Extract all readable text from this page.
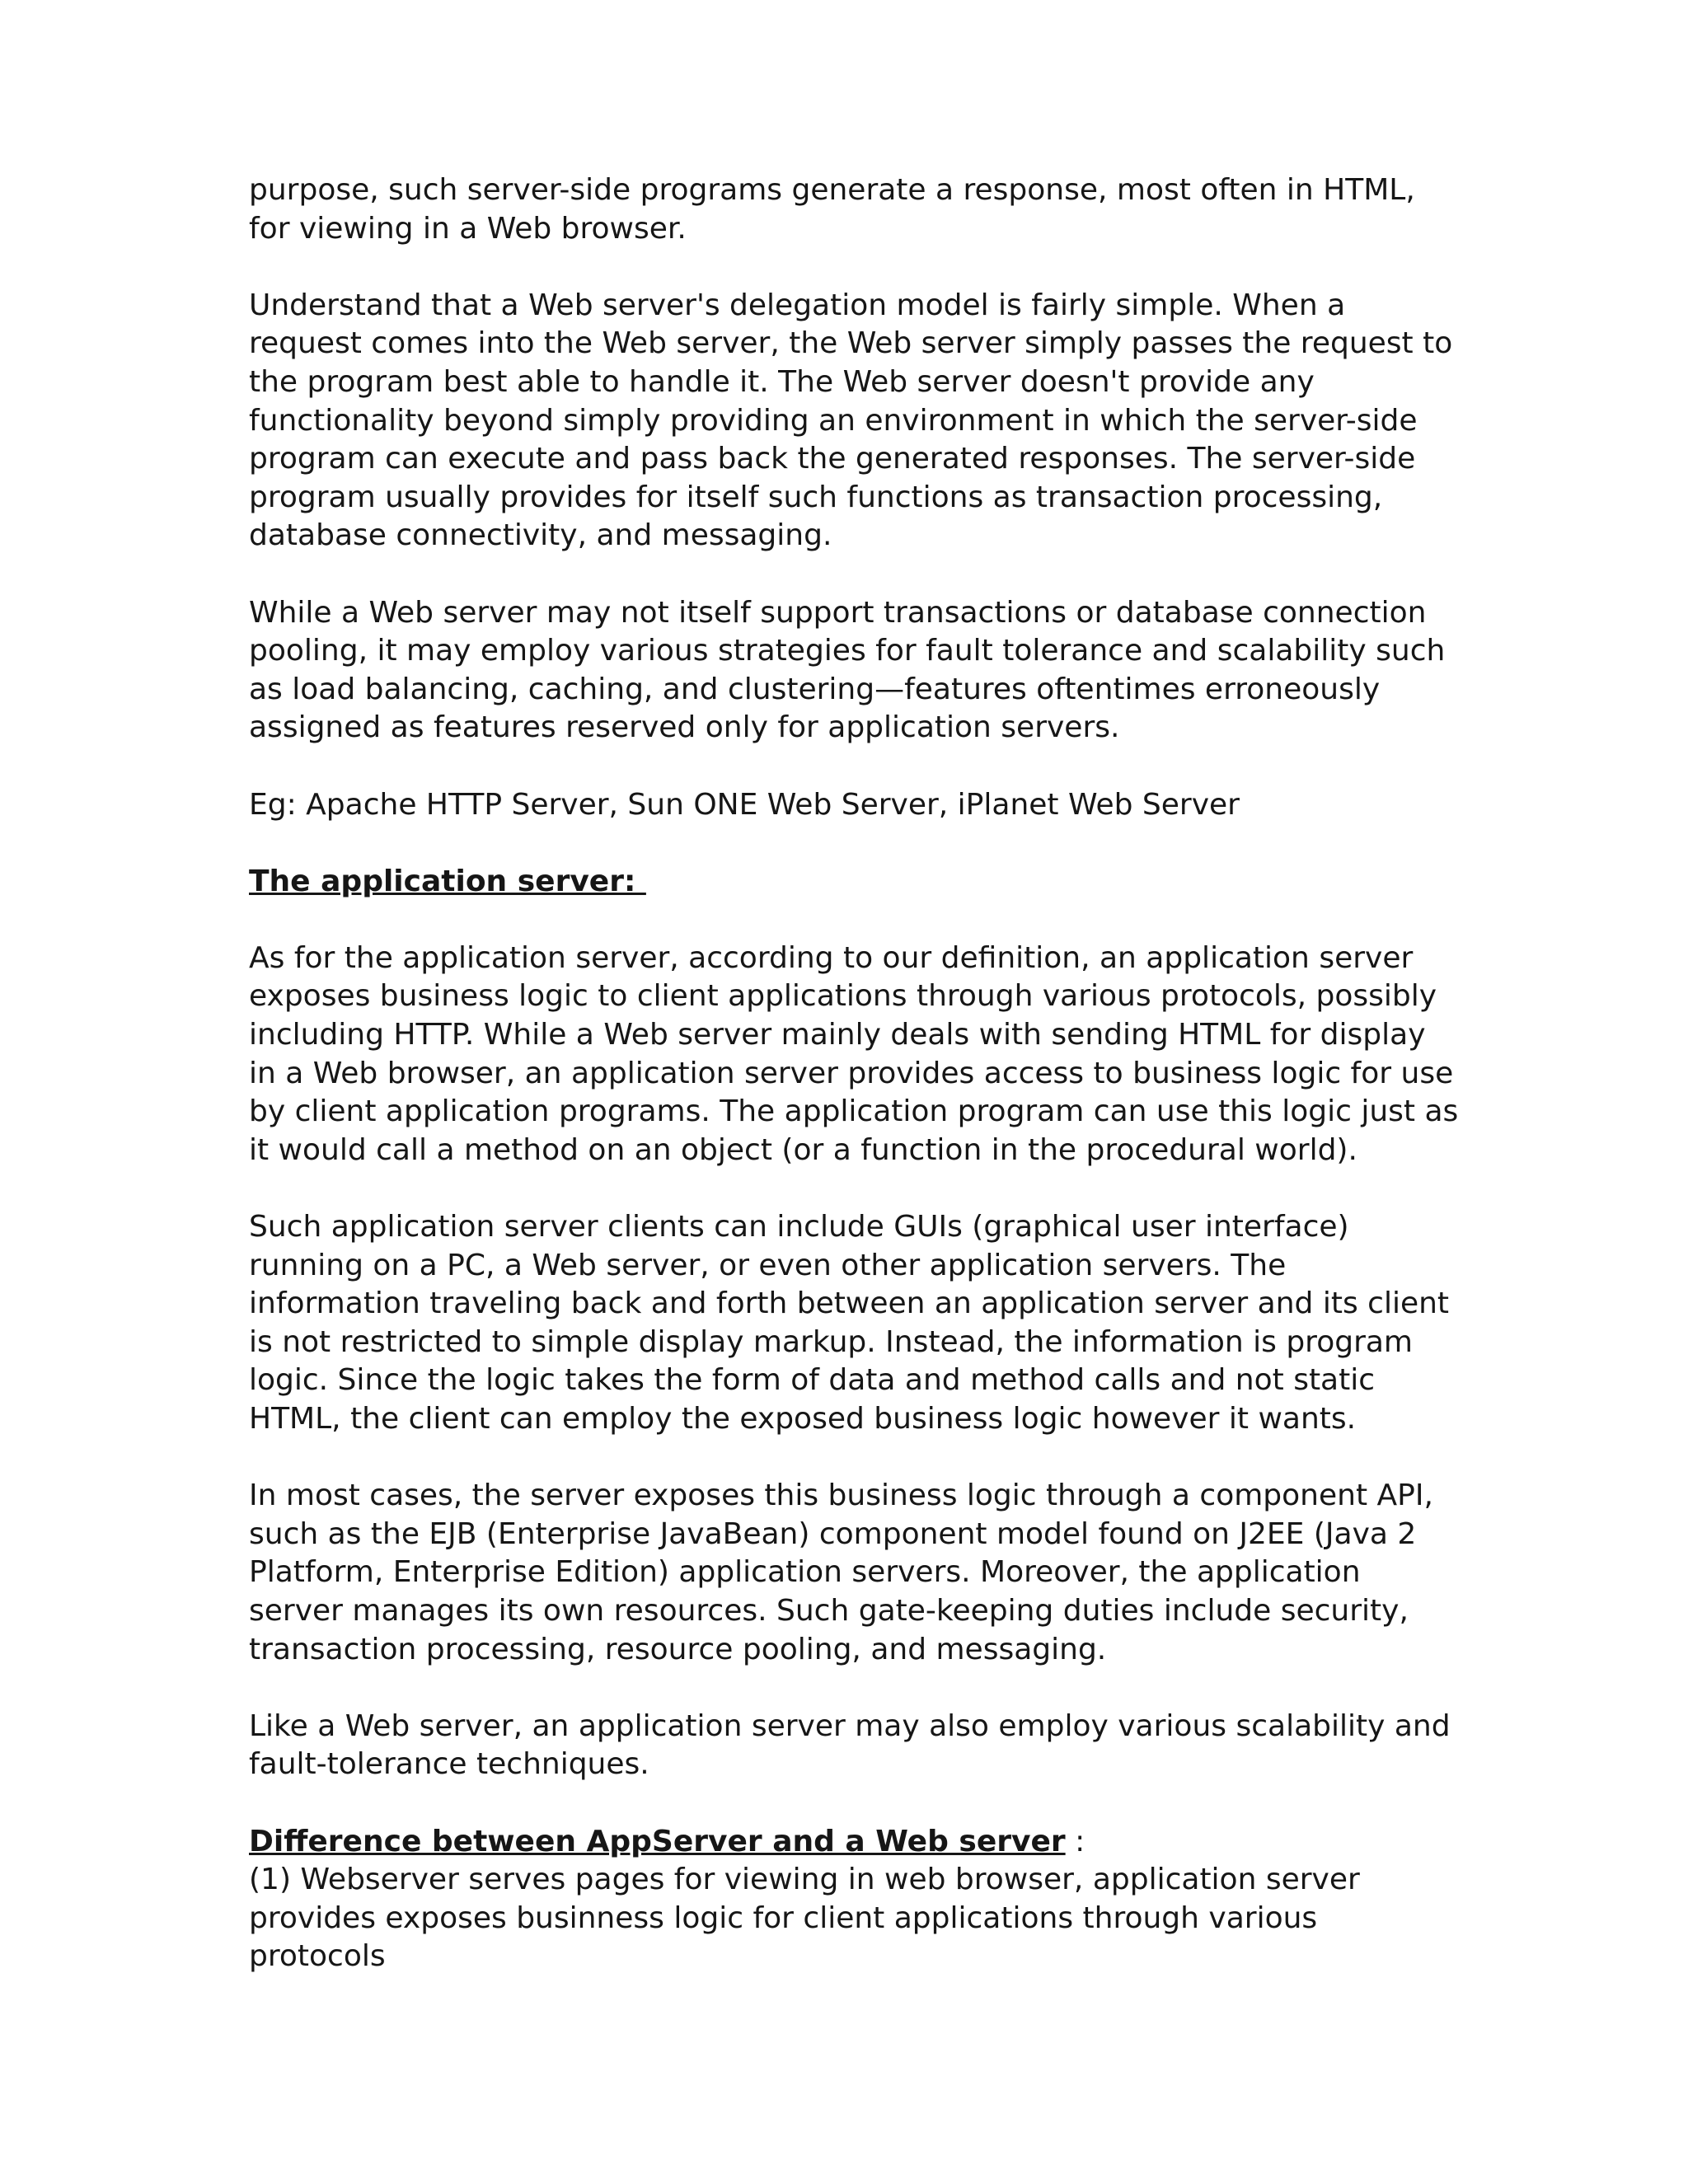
purpose, such server-side programs generate a response, most often in HTML, for viewing in a Web browser.

Understand that a Web server's delegation model is fairly simple. When a request comes into the Web server, the Web server simply passes the request to the program best able to handle it. The Web server doesn't provide any functionality beyond simply providing an environment in which the server-side program can execute and pass back the generated responses. The server-side program usually provides for itself such functions as transaction processing, database connectivity, and messaging.

While a Web server may not itself support transactions or database connection pooling, it may employ various strategies for fault tolerance and scalability such as load balancing, caching, and clustering—features oftentimes erroneously assigned as features reserved only for application servers.

Eg: Apache HTTP Server, Sun ONE Web Server, iPlanet Web Server

The application server:

As for the application server, according to our definition, an application server exposes business logic to client applications through various protocols, possibly including HTTP. While a Web server mainly deals with sending HTML for display in a Web browser, an application server provides access to business logic for use by client application programs. The application program can use this logic just as it would call a method on an object (or a function in the procedural world).

Such application server clients can include GUIs (graphical user interface) running on a PC, a Web server, or even other application servers. The information traveling back and forth between an application server and its client is not restricted to simple display markup. Instead, the information is program logic. Since the logic takes the form of data and method calls and not static HTML, the client can employ the exposed business logic however it wants.

In most cases, the server exposes this business logic through a component API, such as the EJB (Enterprise JavaBean) component model found on J2EE (Java 2 Platform, Enterprise Edition) application servers. Moreover, the application server manages its own resources. Such gate-keeping duties include security, transaction processing, resource pooling, and messaging.

Like a Web server, an application server may also employ various scalability and fault-tolerance techniques.

Difference between AppServer and a Web server :

(1) Webserver serves pages for viewing in web browser, application server provides exposes businness logic for client applications through various protocols
